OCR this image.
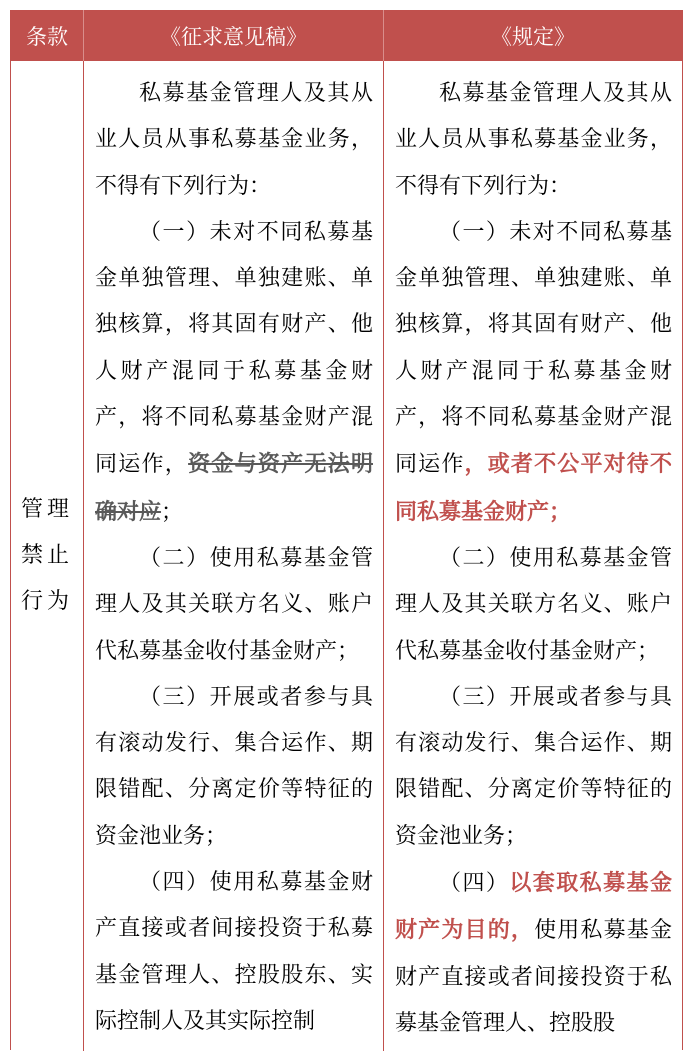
条款	《征求意见稿》	《规定》
管理
禁止
行为

私募基金管理人及其从业人员从事私募基金业务，不得有下列行为：

（一）未对不同私募基金单独管理、单独建账、单独核算，将其固有财产、他人财产混同于私募基金财产，将不同私募基金财产混同运作，资金与资产无法明确对应；

（二）使用私募基金管理人及其关联方名义、账户代私募基金收付基金财产；

（三）开展或者参与具有滚动发行、集合运作、期限错配、分离定价等特征的资金池业务；

（四）使用私募基金财产直接或者间接投资于私募基金管理人、控股股东、实际控制人及其实际控制

私募基金管理人及其从业人员从事私募基金业务，不得有下列行为：

（一）未对不同私募基金单独管理、单独建账、单独核算，将其固有财产、他人财产混同于私募基金财产，将不同私募基金财产混同运作，或者不公平对待不同私募基金财产；

（二）使用私募基金管理人及其关联方名义、账户代私募基金收付基金财产；

（三）开展或者参与具有滚动发行、集合运作、期限错配、分离定价等特征的资金池业务；

（四）以套取私募基金财产为目的，使用私募基金财产直接或者间接投资于私募基金管理人、控股股
